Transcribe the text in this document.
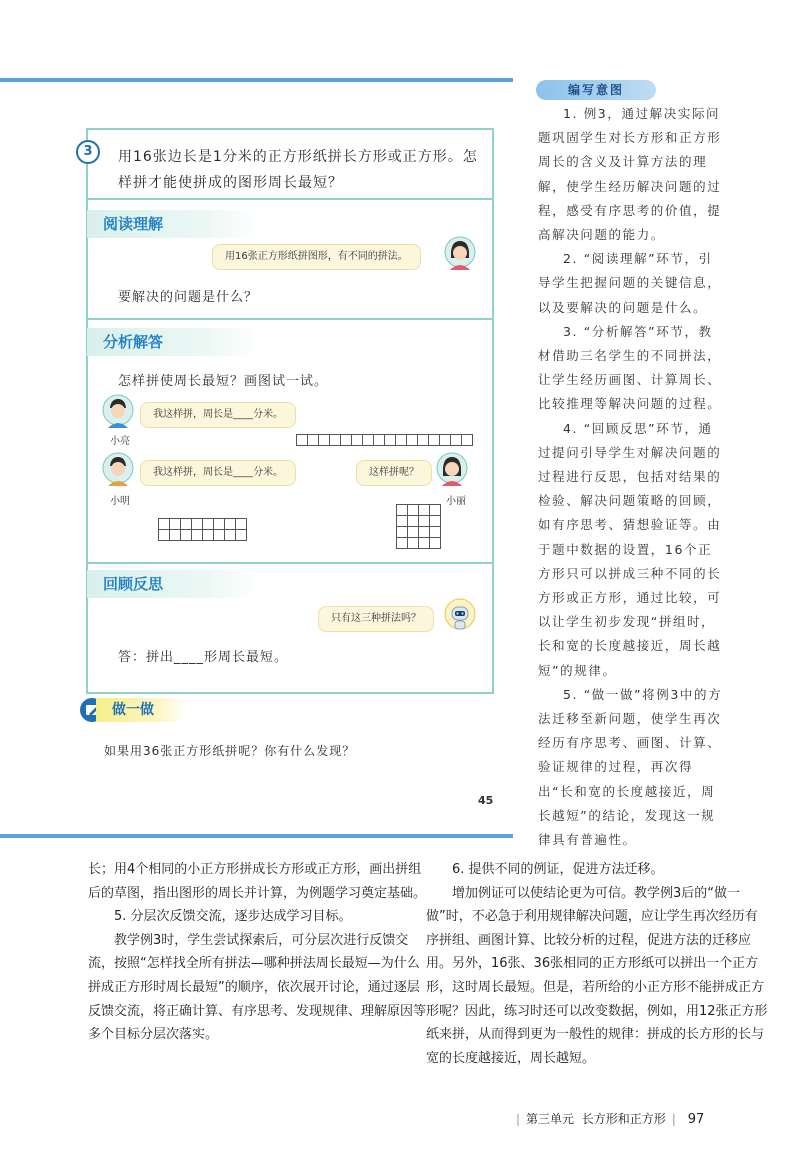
3	用16张边长是1分米的正方形纸拼长方形或正方形。怎样拼才能使拼成的图形周长最短？
阅读理解
用16张正方形纸拼图形，有不同的拼法。
要解决的问题是什么？
分析解答
怎样拼使周长最短？画图试一试。
小亮
我这样拼，周长是____分米。
小明
我这样拼，周长是____分米。
小丽
这样拼呢？
回顾反思
只有这三种拼法吗？
答：拼出____形周长最短。
做一做
如果用36张正方形纸拼呢？你有什么发现？
45
编写意图

1. 例3，通过解决实际问题巩固学生对长方形和正方形周长的含义及计算方法的理解，使学生经历解决问题的过程，感受有序思考的价值，提高解决问题的能力。

2. “阅读理解”环节，引导学生把握问题的关键信息，以及要解决的问题是什么。

3. “分析解答”环节，教材借助三名学生的不同拼法，让学生经历画图、计算周长、比较推理等解决问题的过程。

4. “回顾反思”环节，通过提问引导学生对解决问题的过程进行反思，包括对结果的检验、解决问题策略的回顾，如有序思考、猜想验证等。由于题中数据的设置，16个正方形只可以拼成三种不同的长方形或正方形，通过比较，可以让学生初步发现“拼组时，长和宽的长度越接近，周长越短”的规律。

5. “做一做”将例3中的方法迁移至新问题，使学生再次经历有序思考、画图、计算、验证规律的过程，再次得出“长和宽的长度越接近，周长越短”的结论，发现这一规律具有普遍性。

长；用4个相同的小正方形拼成长方形或正方形，画出拼组后的草图，指出图形的周长并计算，为例题学习奠定基础。

5. 分层次反馈交流，逐步达成学习目标。

教学例3时，学生尝试探索后，可分层次进行反馈交流，按照“怎样找全所有拼法—哪种拼法周长最短—为什么拼成正方形时周长最短”的顺序，依次展开讨论，通过逐层反馈交流，将正确计算、有序思考、发现规律、理解原因等多个目标分层次落实。

6. 提供不同的例证，促进方法迁移。

增加例证可以使结论更为可信。教学例3后的“做一做”时，不必急于利用规律解决问题，应让学生再次经历有序拼组、画图计算、比较分析的过程，促进方法的迁移应用。另外，16张、36张相同的正方形纸可以拼出一个正方形，这时周长最短。但是，若所给的小正方形不能拼成正方形呢？因此，练习时还可以改变数据，例如，用12张正方形纸来拼，从而得到更为一般性的规律：拼成的长方形的长与宽的长度越接近，周长越短。

| 第三单元 长方形和正方形 | 97
